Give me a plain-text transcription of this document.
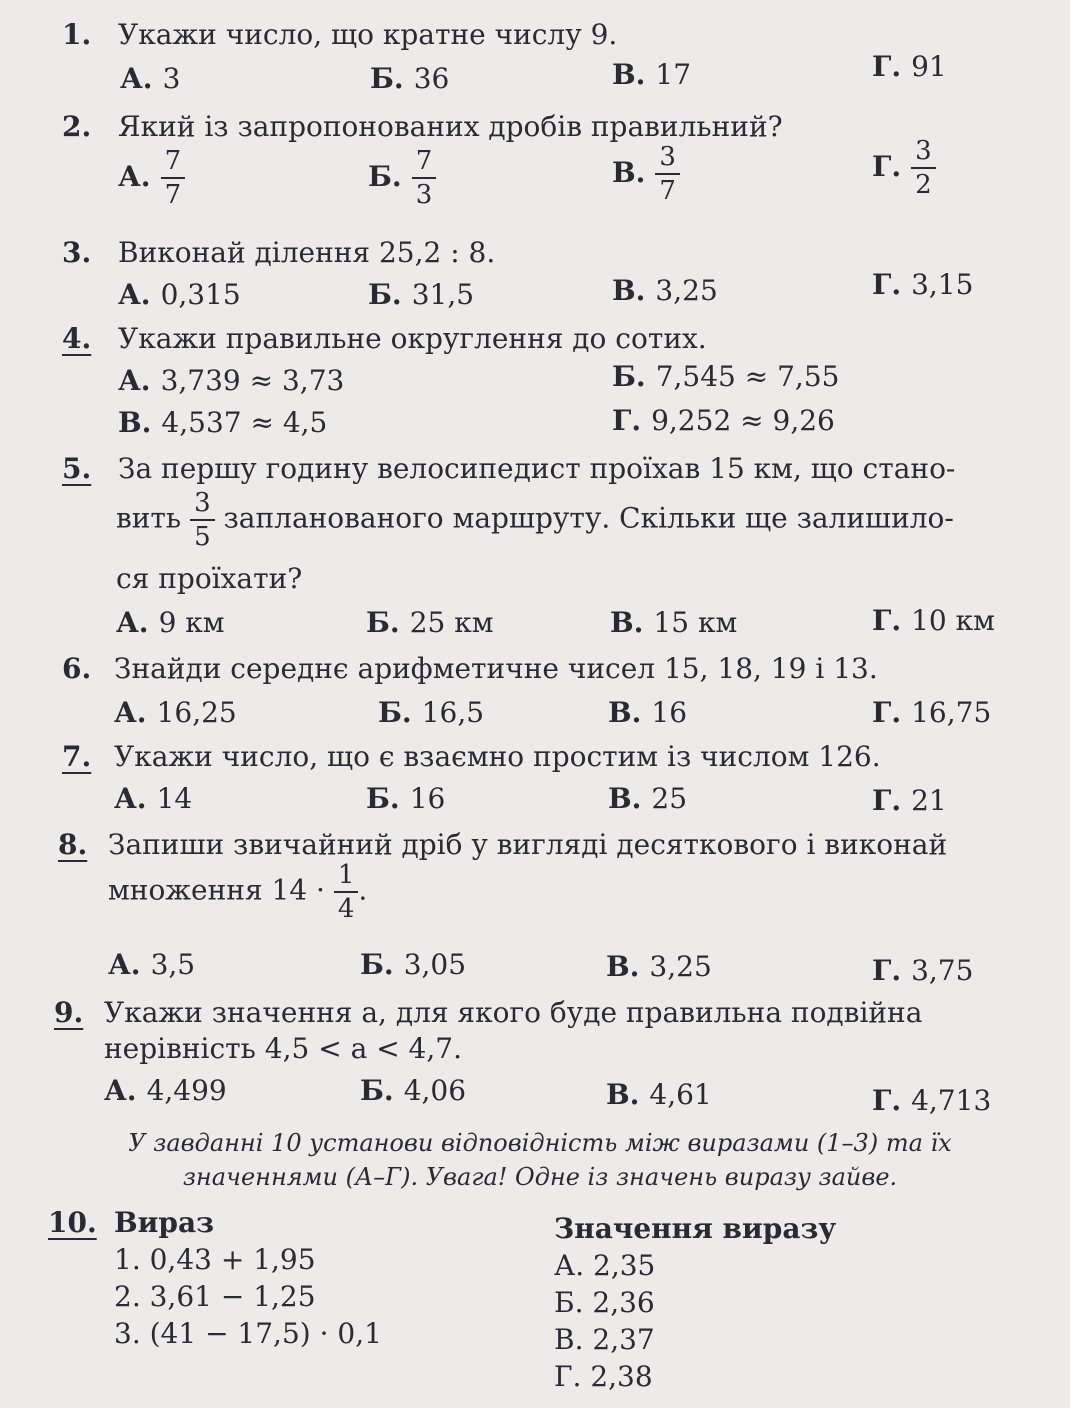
1. Укажи число, що кратне числу 9.
А. 3	Б. 36	В. 17	Г. 91
2. Який із запропонованих дробів правильний?
А. $\frac{7}{7}$	Б. $\frac{7}{3}$	В. $\frac{3}{7}$	Г. $\frac{3}{2}$
3. Виконай ділення 25,2 : 8.
А. 0,315	Б. 31,5	В. 3,25	Г. 3,15
4. Укажи правильне округлення до сотих.
А. 3,739 ≈ 3,73	Б. 7,545 ≈ 7,55
В. 4,537 ≈ 4,5	Г. 9,252 ≈ 9,26
5. За першу годину велосипедист проїхав 15 км, що стано-
вить $\frac{3}{5}$ запланованого маршруту. Скільки ще залишило-
ся проїхати?
А. 9 км	Б. 25 км	В. 15 км	Г. 10 км
6. Знайди середнє арифметичне чисел 15, 18, 19 і 13.
А. 16,25	Б. 16,5	В. 16	Г. 16,75
7. Укажи число, що є взаємно простим із числом 126.
А. 14	Б. 16	В. 25	Г. 21
8. Запиши звичайний дріб у вигляді десяткового і виконай
множення $14 \cdot \frac{1}{4}$ .
А. 3,5	Б. 3,05	В. 3,25	Г. 3,75
9. Укажи значення a, для якого буде правильна подвійна
нерівність 4,5 < a < 4,7.
А. 4,499	Б. 4,06	В. 4,61	Г. 4,713
У завданні 10 установи відповідність між виразами (1–3) та їх
значеннями (А–Г). Увага! Одне із значень виразу зайве.
10. Вираз
1. 0,43 + 1,95
2. 3,61 − 1,25
3. (41 − 17,5) · 0,1
Значення виразу
А. 2,35
Б. 2,36
В. 2,37
Г. 2,38
